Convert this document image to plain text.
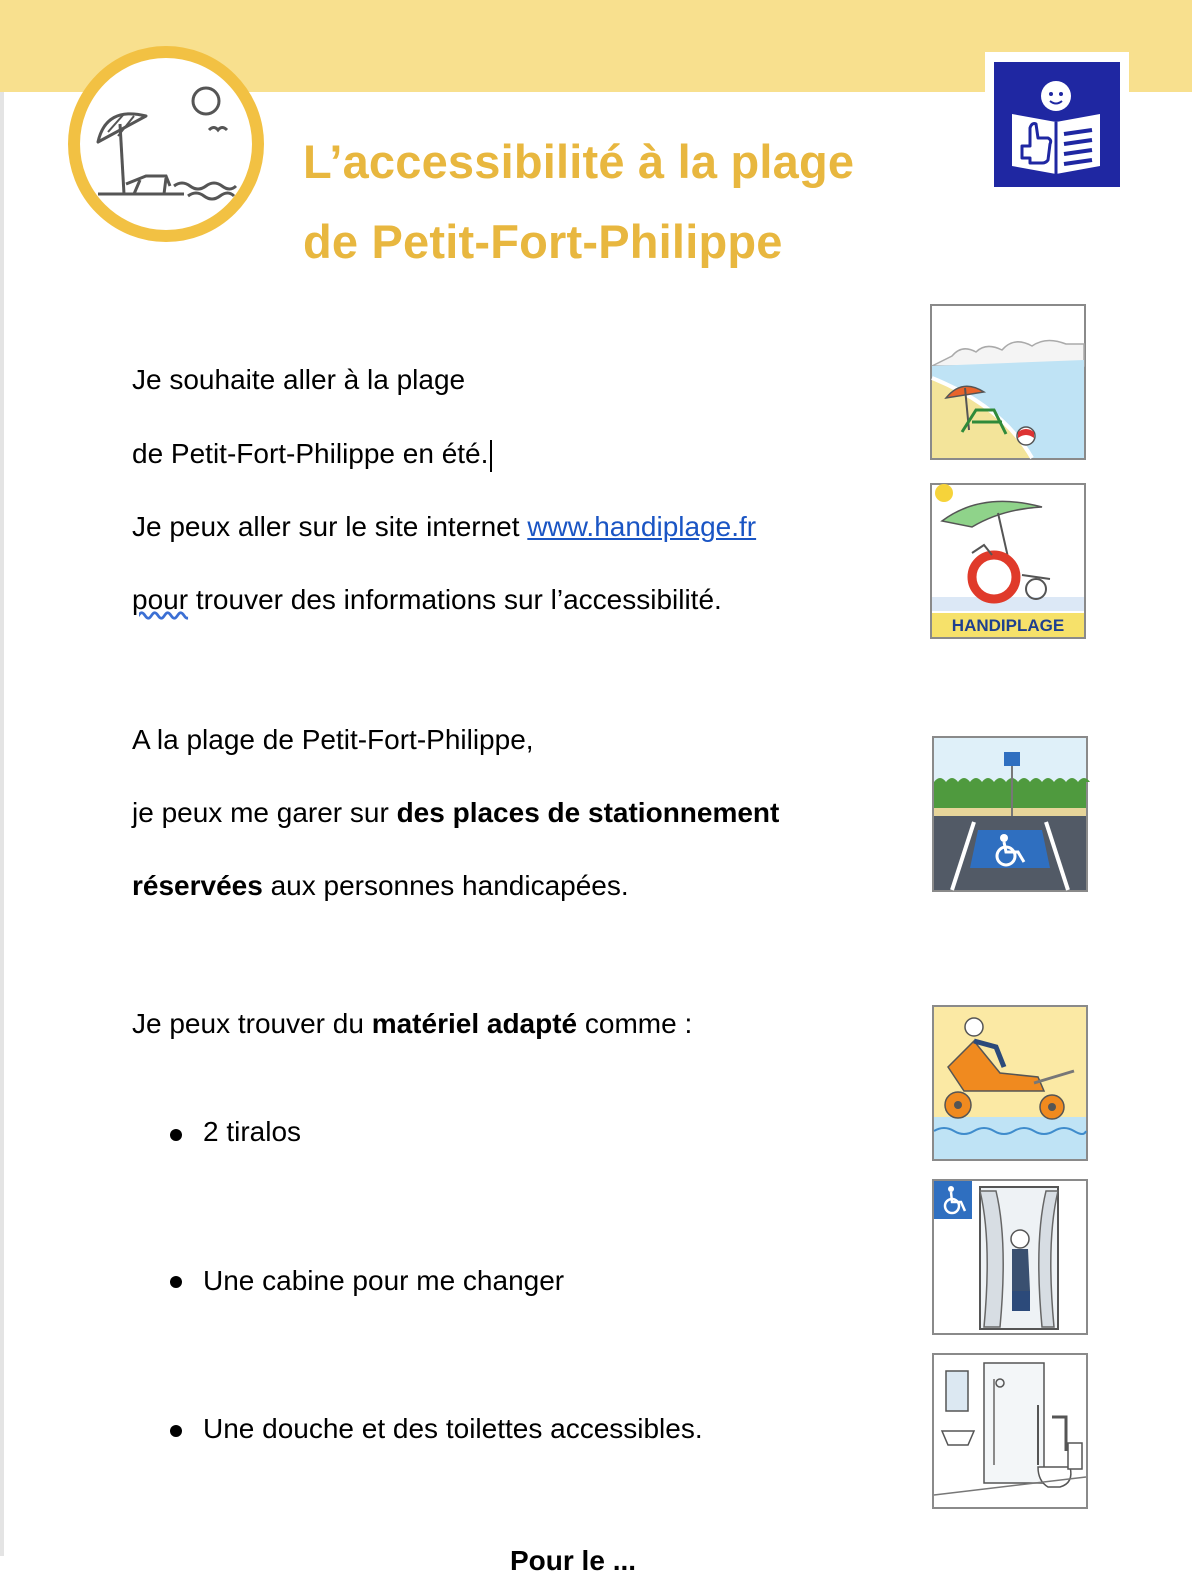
L’accessibilité à la plage
de Petit-Fort-Philippe

Je souhaite aller à la plage

de Petit-Fort-Philippe en été.

Je peux aller sur le site internet www.handiplage.fr

pour trouver des informations sur l’accessibilité.

A la plage de Petit-Fort-Philippe,

je peux me garer sur des places de stationnement

réservées aux personnes handicapées.

Je peux trouver du matériel adapté comme :

2 tiralos

Une cabine pour me changer

Une douche et des toilettes accessibles.

HANDIPLAGE

Pour le ...
